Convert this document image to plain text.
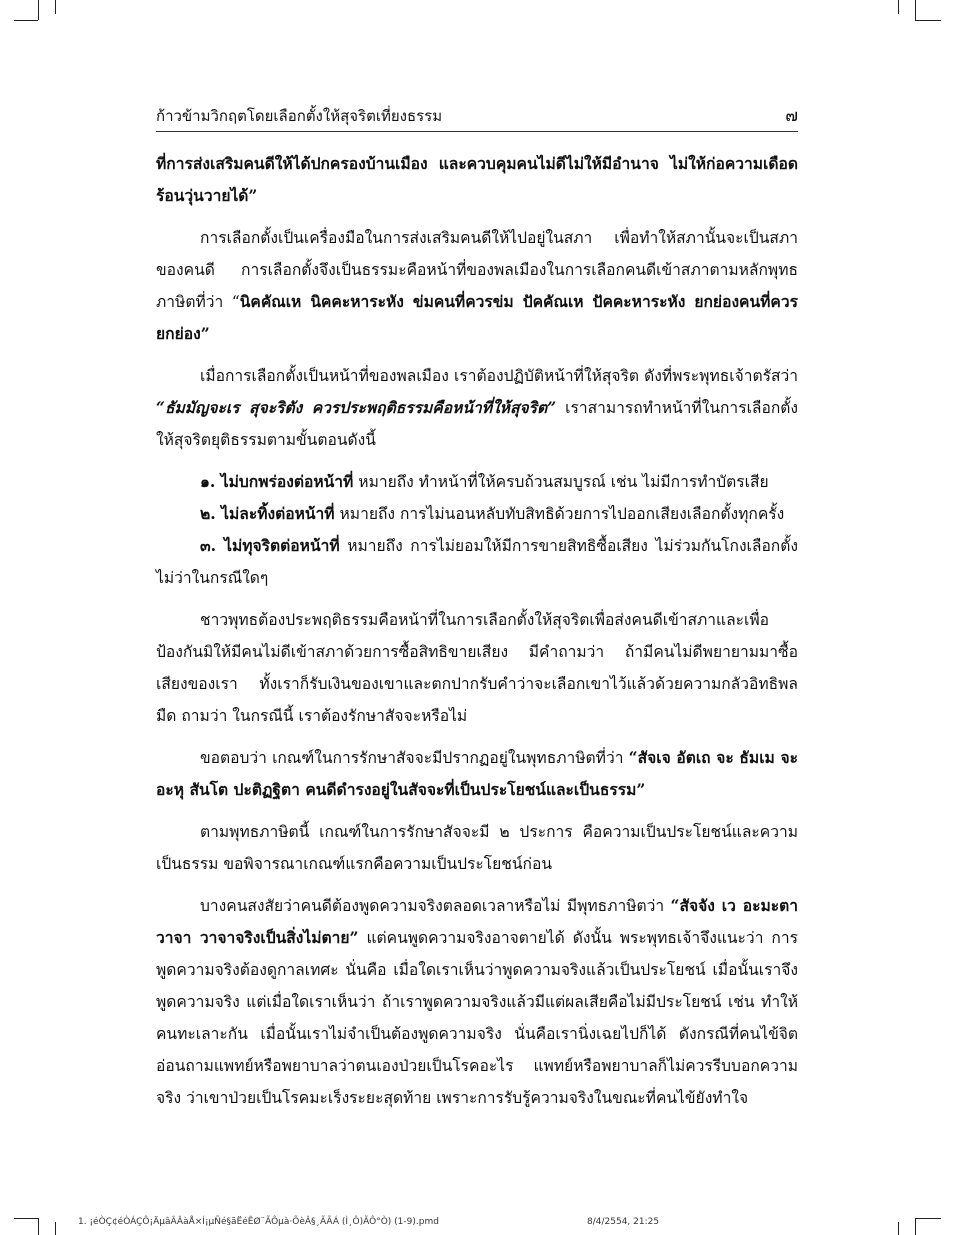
ก้าวข้ามวิกฤตโดยเลือกตั้งให้สุจริตเที่ยงธรรม	๗

ที่การส่งเสริมคนดีให้ได้ปกครองบ้านเมือง และควบคุมคนไม่ดีไม่ให้มีอำนาจ ไม่ให้ก่อความเดือดร้อนวุ่นวายได้”

การเลือกตั้งเป็นเครื่องมือในการส่งเสริมคนดีให้ไปอยู่ในสภา เพื่อทำให้สภานั้นจะเป็นสภาของคนดี การเลือกตั้งจึงเป็นธรรมะคือหน้าที่ของพลเมืองในการเลือกคนดีเข้าสภาตามหลักพุทธภาษิตที่ว่า “นิคคัณเห นิคคะหาระหัง ข่มคนที่ควรข่ม ปัคคัณเห ปัคคะหาระหัง ยกย่องคนที่ควรยกย่อง”

เมื่อการเลือกตั้งเป็นหน้าที่ของพลเมือง เราต้องปฏิบัติหน้าที่ให้สุจริต ดังที่พระพุทธเจ้าตรัสว่า “ธัมมัญจะเร สุจะริตัง ควรประพฤติธรรมคือหน้าที่ให้สุจริต” เราสามารถทำหน้าที่ในการเลือกตั้งให้สุจริตยุติธรรมตามขั้นตอนดังนี้

๑. ไม่บกพร่องต่อหน้าที่ หมายถึง ทำหน้าที่ให้ครบถ้วนสมบูรณ์ เช่น ไม่มีการทำบัตรเสีย

๒. ไม่ละทิ้งต่อหน้าที่ หมายถึง การไม่นอนหลับทับสิทธิด้วยการไปออกเสียงเลือกตั้งทุกครั้ง

๓. ไม่ทุจริตต่อหน้าที่ หมายถึง การไม่ยอมให้มีการขายสิทธิซื้อเสียง ไม่ร่วมกันโกงเลือกตั้งไม่ว่าในกรณีใดๆ

ชาวพุทธต้องประพฤติธรรมคือหน้าที่ในการเลือกตั้งให้สุจริตเพื่อส่งคนดีเข้าสภาและเพื่อป้องกันมิให้มีคนไม่ดีเข้าสภาด้วยการซื้อสิทธิขายเสียง มีคำถามว่า ถ้ามีคนไม่ดีพยายามมาซื้อเสียงของเรา ทั้งเราก็รับเงินของเขาและตกปากรับคำว่าจะเลือกเขาไว้แล้วด้วยความกลัวอิทธิพลมืด ถามว่า ในกรณีนี้ เราต้องรักษาสัจจะหรือไม่

ขอตอบว่า เกณฑ์ในการรักษาสัจจะมีปรากฏอยู่ในพุทธภาษิตที่ว่า “สัจเจ อัตเถ จะ ธัมเม จะ อะหุ สันโต ปะติฏฐิตา คนดีดำรงอยู่ในสัจจะที่เป็นประโยชน์และเป็นธรรม”

ตามพุทธภาษิตนี้ เกณฑ์ในการรักษาสัจจะมี ๒ ประการ คือความเป็นประโยชน์และความเป็นธรรม ขอพิจารณาเกณฑ์แรกคือความเป็นประโยชน์ก่อน

บางคนสงสัยว่าคนดีต้องพูดความจริงตลอดเวลาหรือไม่ มีพุทธภาษิตว่า “สัจจัง เว อะมะตา วาจา วาจาจริงเป็นสิ่งไม่ตาย” แต่คนพูดความจริงอาจตายได้ ดังนั้น พระพุทธเจ้าจึงแนะว่า การพูดความจริงต้องดูกาลเทศะ นั่นคือ เมื่อใดเราเห็นว่าพูดความจริงแล้วเป็นประโยชน์ เมื่อนั้นเราจึงพูดความจริง แต่เมื่อใดเราเห็นว่า ถ้าเราพูดความจริงแล้วมีแต่ผลเสียคือไม่มีประโยชน์ เช่น ทำให้คนทะเลาะกัน เมื่อนั้นเราไม่จำเป็นต้องพูดความจริง นั่นคือเรานิ่งเฉยไปก็ได้ ดังกรณีที่คนไข้จิตอ่อนถามแพทย์หรือพยาบาลว่าตนเองป่วยเป็นโรคอะไร แพทย์หรือพยาบาลก็ไม่ควรรีบบอกความจริง ว่าเขาป่วยเป็นโรคมะเร็งระยะสุดท้าย เพราะการรับรู้ความจริงในขณะที่คนไข้ยังทำใจ

1. ¡éÒÇ¢éÒÁÇÔ¡ÄµâÂÂàÅ×Í¡µÑé§ãËéÊØ¨ÃÔµà·ÕèÂ§¸ÃÃÁ (Ì¸Ô)ÃÔ°Ò) (1-9).pmd	8/4/2554, 21:25
